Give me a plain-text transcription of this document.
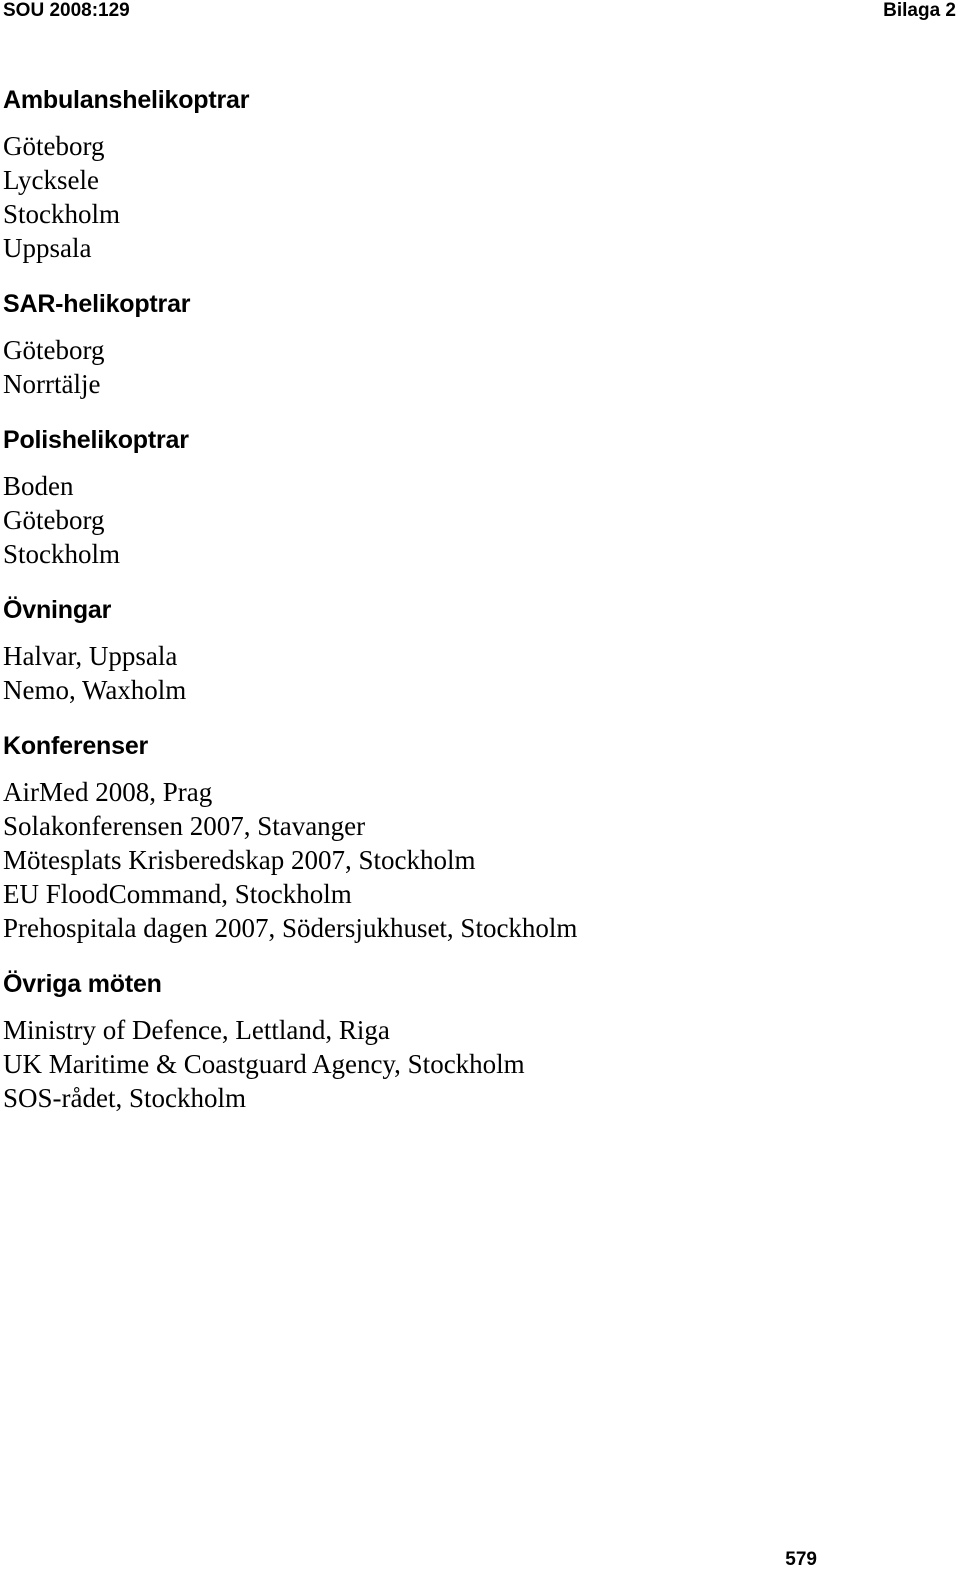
SOU 2008:129	Bilaga 2
Ambulanshelikoptrar
Göteborg
Lycksele
Stockholm
Uppsala
SAR-helikoptrar
Göteborg
Norrtälje
Polishelikoptrar
Boden
Göteborg
Stockholm
Övningar
Halvar, Uppsala
Nemo, Waxholm
Konferenser
AirMed 2008, Prag
Solakonferensen 2007, Stavanger
Mötesplats Krisberedskap 2007, Stockholm
EU FloodCommand, Stockholm
Prehospitala dagen 2007, Södersjukhuset, Stockholm
Övriga möten
Ministry of Defence, Lettland, Riga
UK Maritime & Coastguard Agency, Stockholm
SOS-rådet, Stockholm
579
